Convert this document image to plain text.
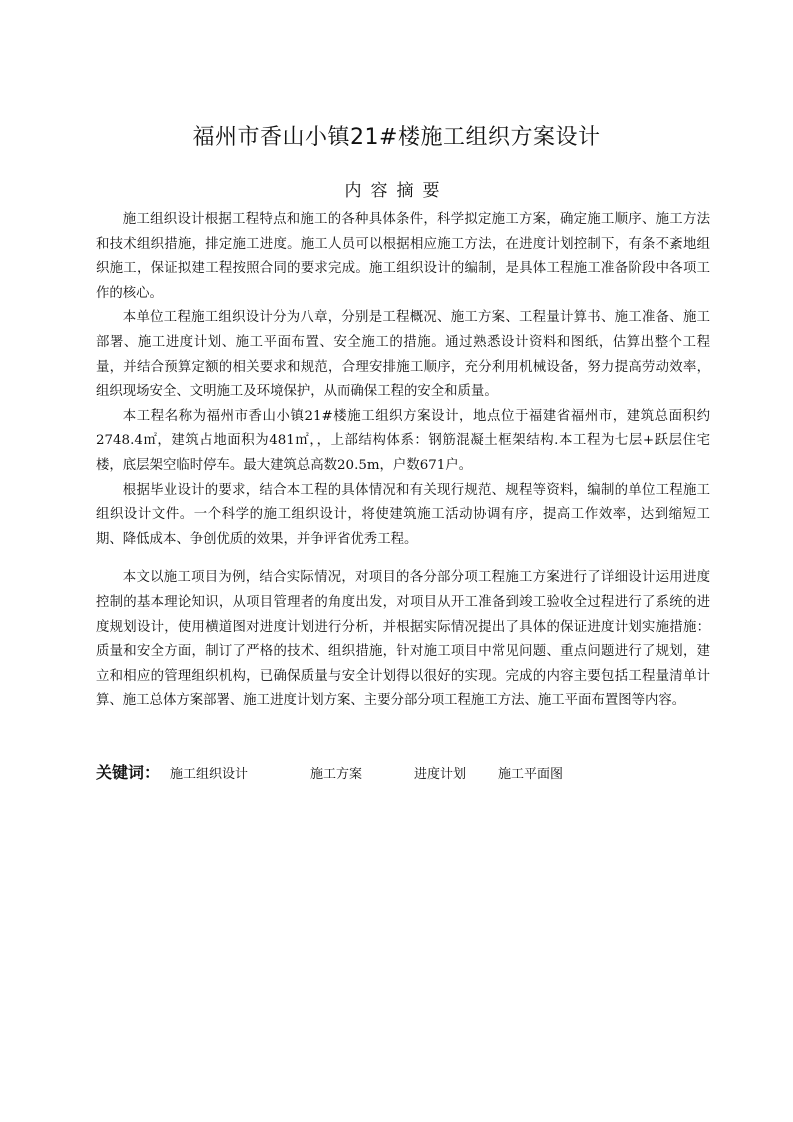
福州市香山小镇21#楼施工组织方案设计
内容摘要

施工组织设计根据工程特点和施工的各种具体条件，科学拟定施工方案，确定施工顺序、施工方法和技术组织措施，排定施工进度。施工人员可以根据相应施工方法，在进度计划控制下，有条不紊地组织施工，保证拟建工程按照合同的要求完成。施工组织设计的编制，是具体工程施工准备阶段中各项工作的核心。

本单位工程施工组织设计分为八章，分别是工程概况、施工方案、工程量计算书、施工准备、施工部署、施工进度计划、施工平面布置、安全施工的措施。通过熟悉设计资料和图纸，估算出整个工程量，并结合预算定额的相关要求和规范，合理安排施工顺序，充分利用机械设备，努力提高劳动效率，组织现场安全、文明施工及环境保护，从而确保工程的安全和质量。

本工程名称为福州市香山小镇21#楼施工组织方案设计，地点位于福建省福州市，建筑总面积约2748.4㎡，建筑占地面积为481㎡，，上部结构体系：钢筋混凝土框架结构.本工程为七层+跃层住宅楼，底层架空临时停车。最大建筑总高数20.5m，户数671户。

根据毕业设计的要求，结合本工程的具体情况和有关现行规范、规程等资料，编制的单位工程施工组织设计文件。一个科学的施工组织设计，将使建筑施工活动协调有序，提高工作效率，达到缩短工期、降低成本、争创优质的效果，并争评省优秀工程。

本文以施工项目为例，结合实际情况，对项目的各分部分项工程施工方案进行了详细设计运用进度控制的基本理论知识，从项目管理者的角度出发，对项目从开工准备到竣工验收全过程进行了系统的进度规划设计，使用横道图对进度计划进行分析，并根据实际情况提出了具体的保证进度计划实施措施：质量和安全方面，制订了严格的技术、组织措施，针对施工项目中常见问题、重点问题进行了规划，建立和相应的管理组织机构，已确保质量与安全计划得以很好的实现。完成的内容主要包括工程量清单计算、施工总体方案部署、施工进度计划方案、主要分部分项工程施工方法、施工平面布置图等内容。

关键词： 施工组织设计	施工方案	进度计划 施工平面图
